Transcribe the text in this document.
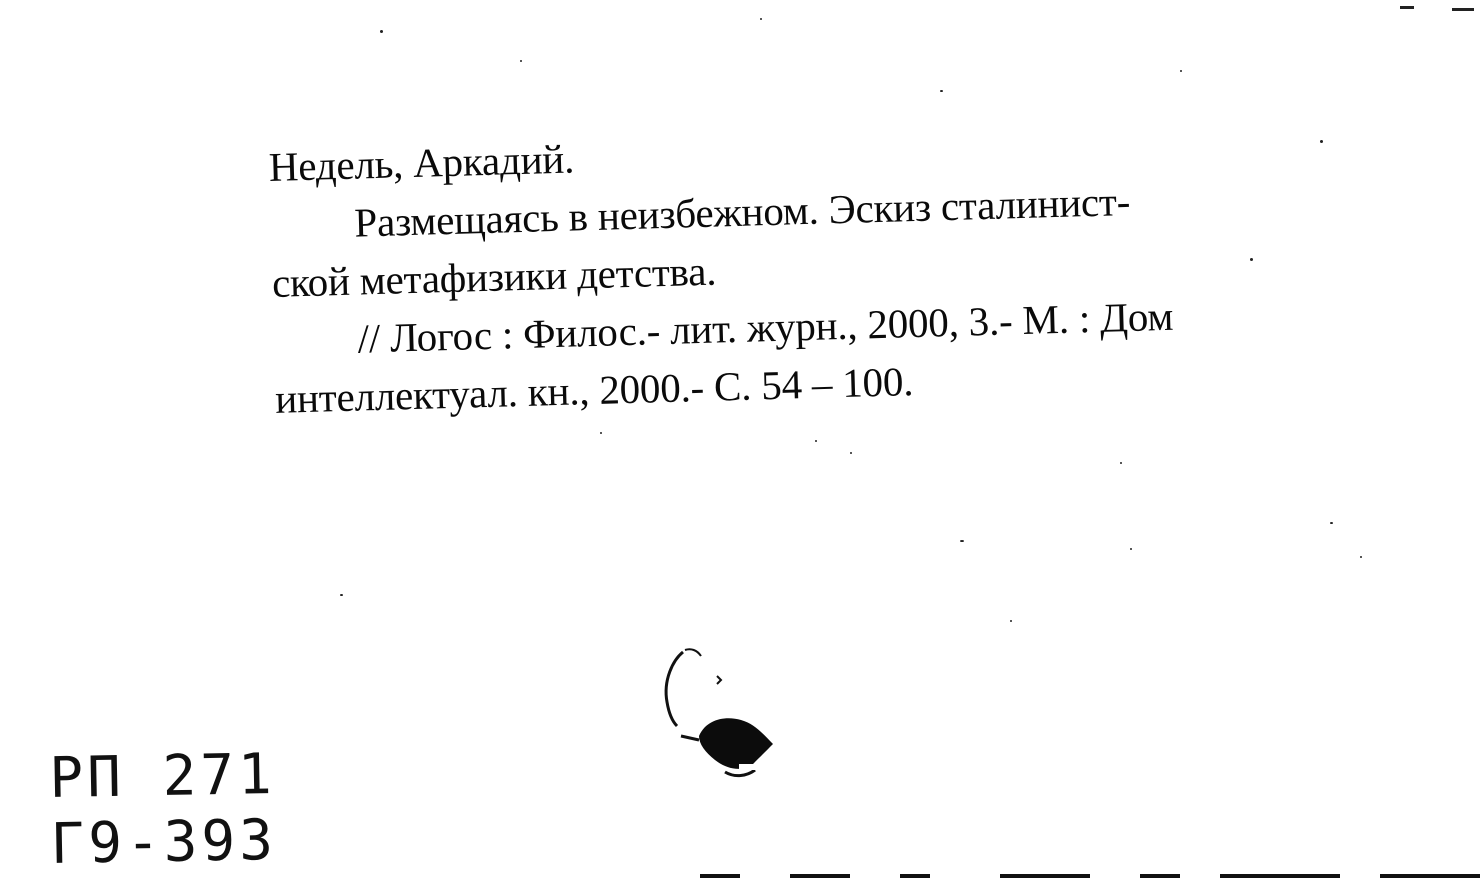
Недель, Аркадий.
Размещаясь в неизбежном. Эскиз сталинист-
ской метафизики детства.
// Логос : Филос.- лит. журн., 2000, 3.- М. : Дом
интеллектуал. кн., 2000.- С. 54 – 100.
РП 271
Г9-393
